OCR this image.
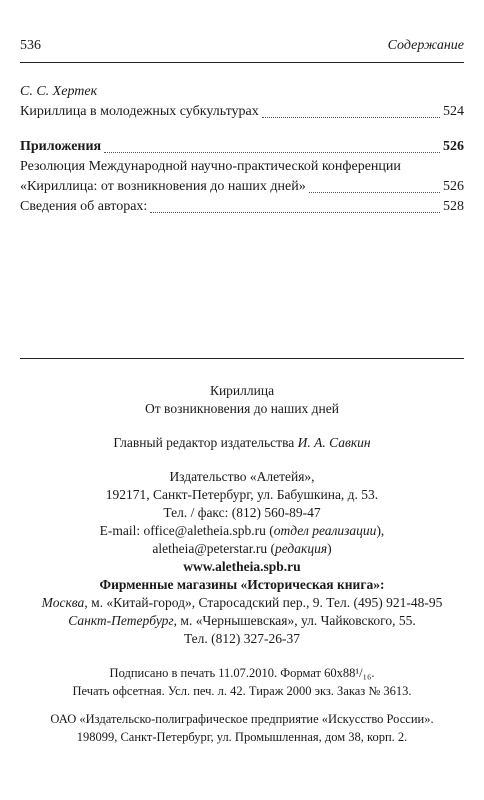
536	Содержание
С. С. Хертек
Кириллица в молодежных субкультурах	524
Приложения	526
Резолюция Международной научно-практической конференции
«Кириллица: от возникновения до наших дней»	526
Сведения об авторах:	528
Кириллица
От возникновения до наших дней
Главный редактор издательства И. А. Савкин
Издательство «Алетейя»,
192171, Санкт-Петербург, ул. Бабушкина, д. 53.
Тел. / факс: (812) 560-89-47
E-mail: office@aletheia.spb.ru (отдел реализации),
aletheia@peterstar.ru (редакция)
www.aletheia.spb.ru
Фирменные магазины «Историческая книга»:
Москва, м. «Китай-город», Старосадский пер., 9. Тел. (495) 921-48-95
Санкт-Петербург, м. «Чернышевская», ул. Чайковского, 55.
Тел. (812) 327-26-37
Подписано в печать 11.07.2010. Формат 60х88¹/₁₆.
Печать офсетная. Усл. печ. л. 42. Тираж 2000 экз. Заказ № 3613.
ОАО «Издательско-полиграфическое предприятие «Искусство России».
198099, Санкт-Петербург, ул. Промышленная, дом 38, корп. 2.
